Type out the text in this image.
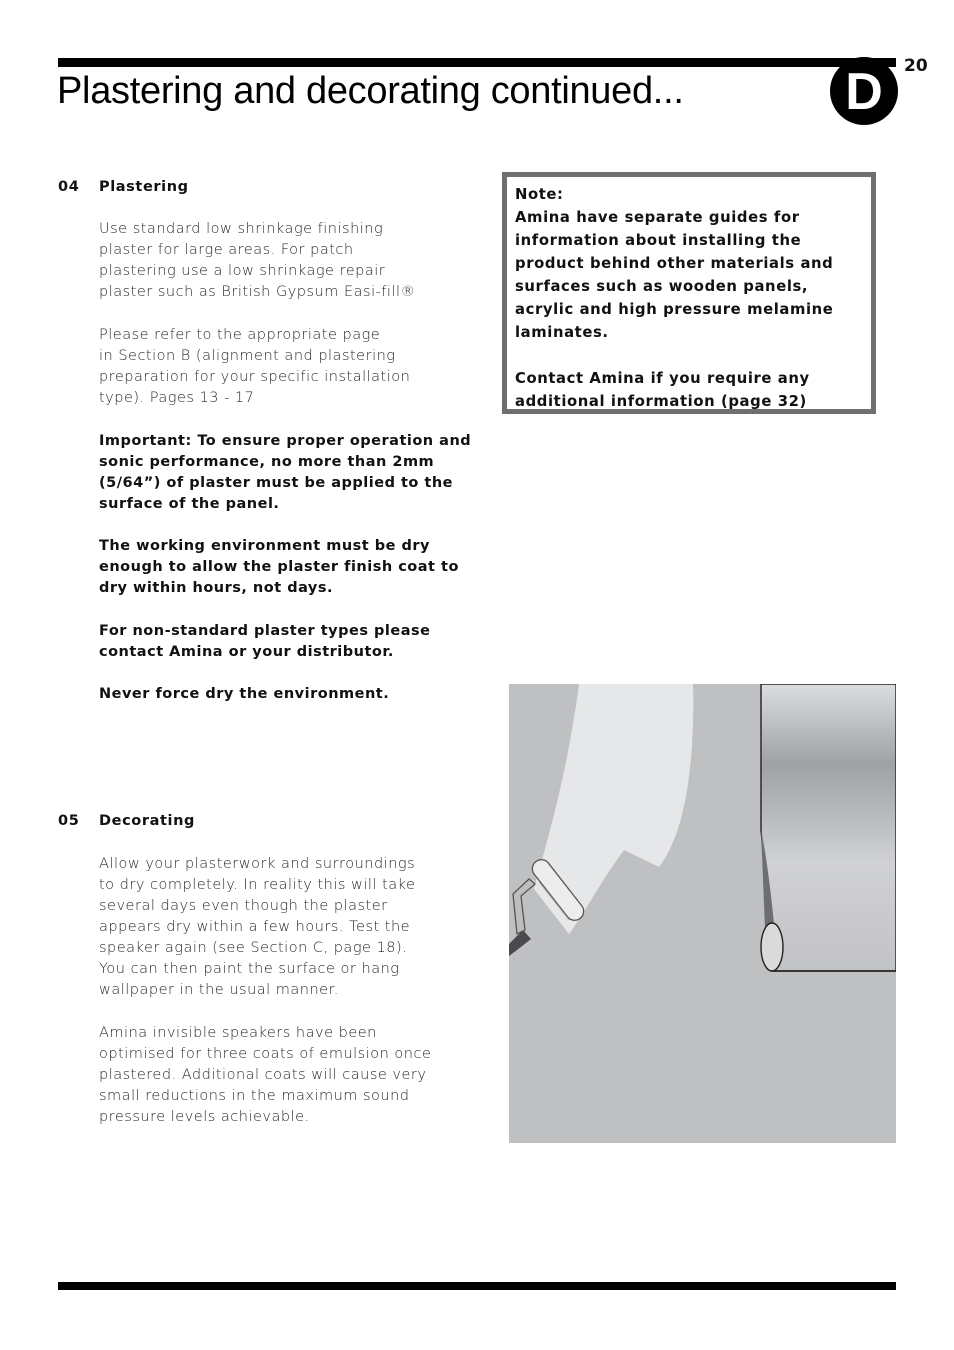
Plastering and decorating continued...	D	20
04 Plastering

Use standard low shrinkage finishing
plaster for large areas. For patch
plastering use a low shrinkage repair
plaster such as British Gypsum Easi-fill®

Please refer to the appropriate page
in Section B (alignment and plastering
preparation for your specific installation
type). Pages 13 - 17

Important: To ensure proper operation and
sonic performance, no more than 2mm
(5/64”) of plaster must be applied to the
surface of the panel.

The working environment must be dry
enough to allow the plaster finish coat to
dry within hours, not days.

For non-standard plaster types please
contact Amina or your distributor.

Never force dry the environment.

05 Decorating

Allow your plasterwork and surroundings
to dry completely. In reality this will take
several days even though the plaster
appears dry within a few hours. Test the
speaker again (see Section C, page 18).
You can then paint the surface or hang
wallpaper in the usual manner.

Amina invisible speakers have been
optimised for three coats of emulsion once
plastered. Additional coats will cause very
small reductions in the maximum sound
pressure levels achievable.

Note:
Amina have separate guides for
information about installing the
product behind other materials and
surfaces such as wooden panels,
acrylic and high pressure melamine
laminates.

Contact Amina if you require any
additional information (page 32)
